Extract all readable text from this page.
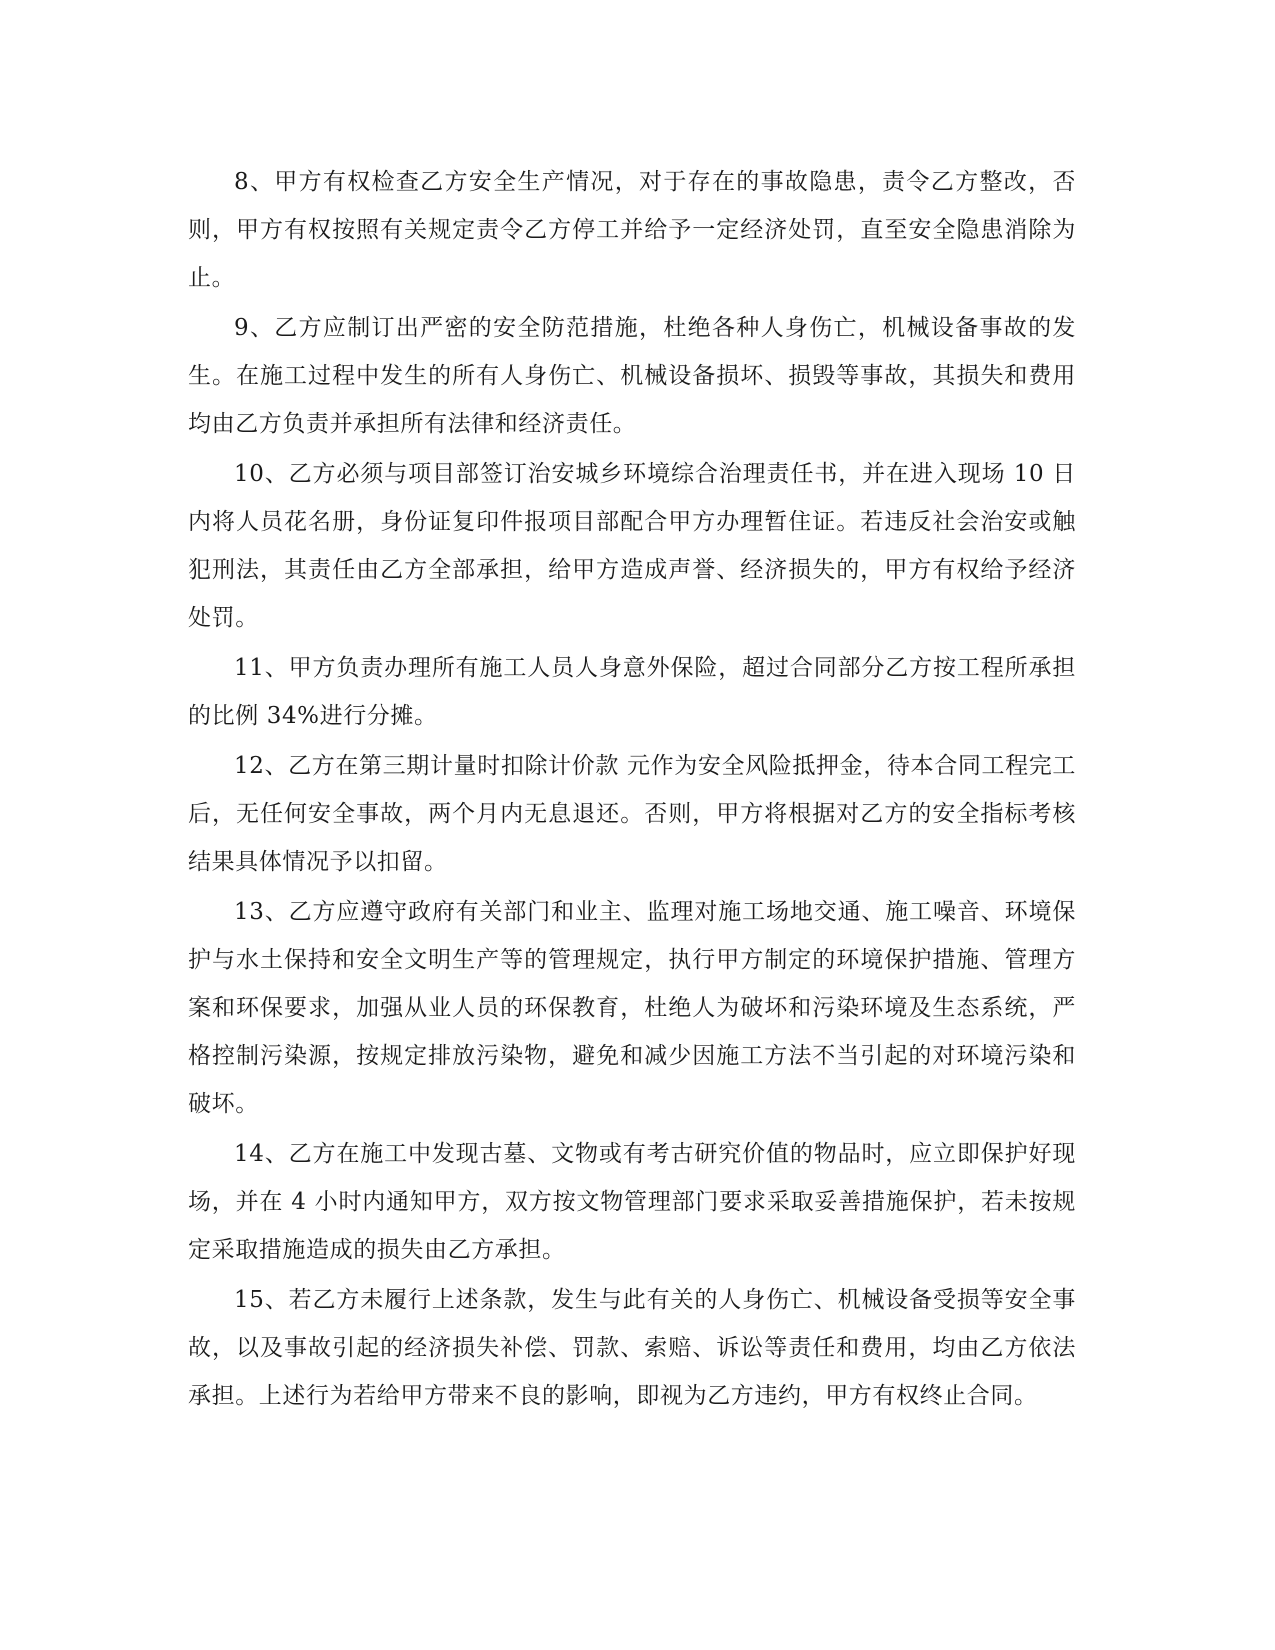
8、甲方有权检查乙方安全生产情况，对于存在的事故隐患，责令乙方整改，否则，甲方有权按照有关规定责令乙方停工并给予一定经济处罚，直至安全隐患消除为止。

9、乙方应制订出严密的安全防范措施，杜绝各种人身伤亡，机械设备事故的发生。在施工过程中发生的所有人身伤亡、机械设备损坏、损毁等事故，其损失和费用均由乙方负责并承担所有法律和经济责任。

10、乙方必须与项目部签订治安城乡环境综合治理责任书，并在进入现场 10 日内将人员花名册，身份证复印件报项目部配合甲方办理暂住证。若违反社会治安或触犯刑法，其责任由乙方全部承担，给甲方造成声誉、经济损失的，甲方有权给予经济处罚。

11、甲方负责办理所有施工人员人身意外保险，超过合同部分乙方按工程所承担的比例 34%进行分摊。

12、乙方在第三期计量时扣除计价款 元作为安全风险抵押金，待本合同工程完工后，无任何安全事故，两个月内无息退还。否则，甲方将根据对乙方的安全指标考核结果具体情况予以扣留。

13、乙方应遵守政府有关部门和业主、监理对施工场地交通、施工噪音、环境保护与水土保持和安全文明生产等的管理规定，执行甲方制定的环境保护措施、管理方案和环保要求，加强从业人员的环保教育，杜绝人为破坏和污染环境及生态系统，严格控制污染源，按规定排放污染物，避免和减少因施工方法不当引起的对环境污染和破坏。

14、乙方在施工中发现古墓、文物或有考古研究价值的物品时，应立即保护好现场，并在 4 小时内通知甲方，双方按文物管理部门要求采取妥善措施保护，若未按规定采取措施造成的损失由乙方承担。

15、若乙方未履行上述条款，发生与此有关的人身伤亡、机械设备受损等安全事故，以及事故引起的经济损失补偿、罚款、索赔、诉讼等责任和费用，均由乙方依法承担。上述行为若给甲方带来不良的影响，即视为乙方违约，甲方有权终止合同。
